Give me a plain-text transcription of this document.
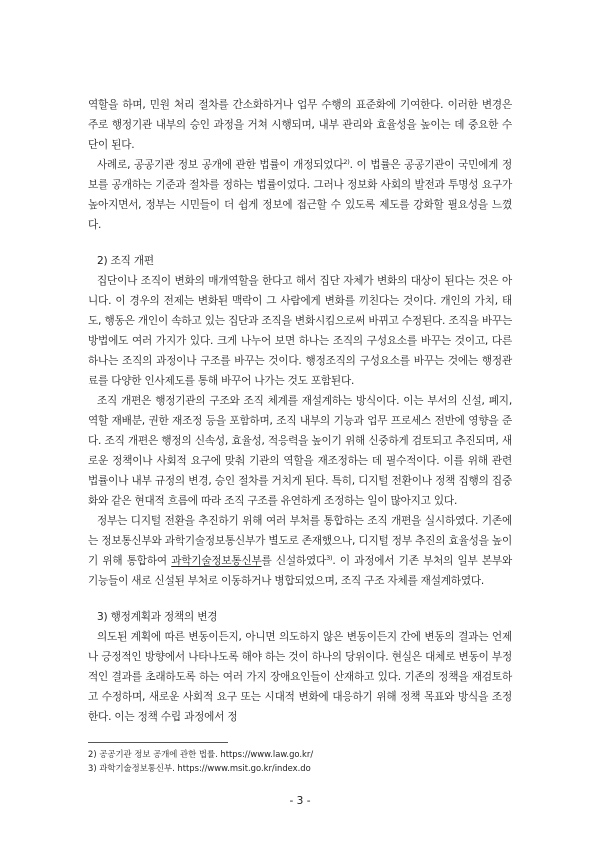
역할을 하며, 민원 처리 절차를 간소화하거나 업무 수행의 표준화에 기여한다. 이러한 변경은 주로 행정기관 내부의 승인 과정을 거쳐 시행되며, 내부 관리와 효율성을 높이는 데 중요한 수단이 된다.

사례로, 공공기관 정보 공개에 관한 법률이 개정되었다$^{2)}$. 이 법률은 공공기관이 국민에게 정보를 공개하는 기준과 절차를 정하는 법률이었다. 그러나 정보화 사회의 발전과 투명성 요구가 높아지면서, 정부는 시민들이 더 쉽게 정보에 접근할 수 있도록 제도를 강화할 필요성을 느꼈다.

2) 조직 개편

집단이나 조직이 변화의 매개역할을 한다고 해서 집단 자체가 변화의 대상이 된다는 것은 아니다. 이 경우의 전제는 변화된 맥락이 그 사람에게 변화를 끼친다는 것이다. 개인의 가치, 태도, 행동은 개인이 속하고 있는 집단과 조직을 변화시킴으로써 바뀌고 수정된다. 조직을 바꾸는 방법에도 여러 가지가 있다. 크게 나누어 보면 하나는 조직의 구성요소를 바꾸는 것이고, 다른 하나는 조직의 과정이나 구조를 바꾸는 것이다. 행정조직의 구성요소를 바꾸는 것에는 행정관료를 다양한 인사제도를 통해 바꾸어 나가는 것도 포함된다.

조직 개편은 행정기관의 구조와 조직 체계를 재설계하는 방식이다. 이는 부서의 신설, 폐지, 역할 재배분, 권한 재조정 등을 포함하며, 조직 내부의 기능과 업무 프로세스 전반에 영향을 준다. 조직 개편은 행정의 신속성, 효율성, 적응력을 높이기 위해 신중하게 검토되고 추진되며, 새로운 정책이나 사회적 요구에 맞춰 기관의 역할을 재조정하는 데 필수적이다. 이를 위해 관련 법률이나 내부 규정의 변경, 승인 절차를 거치게 된다. 특히, 디지털 전환이나 정책 집행의 집중화와 같은 현대적 흐름에 따라 조직 구조를 유연하게 조정하는 일이 많아지고 있다.

정부는 디지털 전환을 추진하기 위해 여러 부처를 통합하는 조직 개편을 실시하였다. 기존에는 정보통신부와 과학기술정보통신부가 별도로 존재했으나, 디지털 정부 추진의 효율성을 높이기 위해 통합하여 과학기술정보통신부를 신설하였다$^{3)}$. 이 과정에서 기존 부처의 일부 본부와 기능들이 새로 신설된 부처로 이동하거나 병합되었으며, 조직 구조 자체를 재설계하였다.

3) 행정계획과 정책의 변경

의도된 계획에 따른 변동이든지, 아니면 의도하지 않은 변동이든지 간에 변동의 결과는 언제나 긍정적인 방향에서 나타나도록 해야 하는 것이 하나의 당위이다. 현실은 대체로 변동이 부정적인 결과를 초래하도록 하는 여러 가지 장애요인들이 산재하고 있다. 기존의 정책을 재검토하고 수정하며, 새로운 사회적 요구 또는 시대적 변화에 대응하기 위해 정책 목표와 방식을 조정한다. 이는 정책 수립 과정에서 정

2) 공공기관 정보 공개에 관한 법률. https://www.law.go.kr/
3) 과학기술정보통신부. https://www.msit.go.kr/index.do
- 3 -
